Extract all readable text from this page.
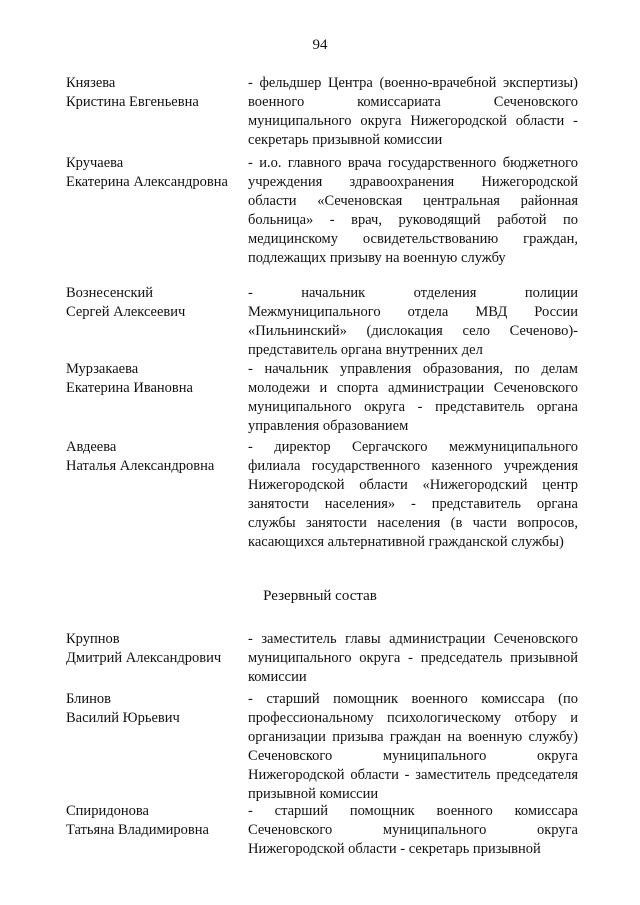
94
Князева
Кристина Евгеньевна
- фельдшер Центра (военно-врачебной экспертизы) военного комиссариата Сеченовского муниципального округа Нижегородской области - секретарь призывной комиссии
Кручаева
Екатерина Александровна
- и.о. главного врача государственного бюджетного учреждения здравоохранения Нижегородской области «Сеченовская центральная районная больница» - врач, руководящий работой по медицинскому освидетельствованию граждан, подлежащих призыву на военную службу
Вознесенский
Сергей Алексеевич
- начальник отделения полиции Межмуниципального отдела МВД России «Пильнинский» (дислокация село Сеченово)- представитель органа внутренних дел
Мурзакаева
Екатерина Ивановна
- начальник управления образования, по делам молодежи и спорта администрации Сеченовского муниципального округа - представитель органа управления образованием
Авдеева
Наталья Александровна
- директор Сергачского межмуниципального филиала государственного казенного учреждения Нижегородской области «Нижегородский центр занятости населения» - представитель органа службы занятости населения (в части вопросов, касающихся альтернативной гражданской службы)
Резервный состав
Крупнов
Дмитрий Александрович
- заместитель главы администрации Сеченовского муниципального округа - председатель призывной комиссии
Блинов
Василий Юрьевич
- старший помощник военного комиссара (по профессиональному психологическому отбору и организации призыва граждан на военную службу) Сеченовского муниципального округа Нижегородской области - заместитель председателя призывной комиссии
Спиридонова
Татьяна Владимировна
- старший помощник военного комиссара Сеченовского муниципального округа Нижегородской области - секретарь призывной
